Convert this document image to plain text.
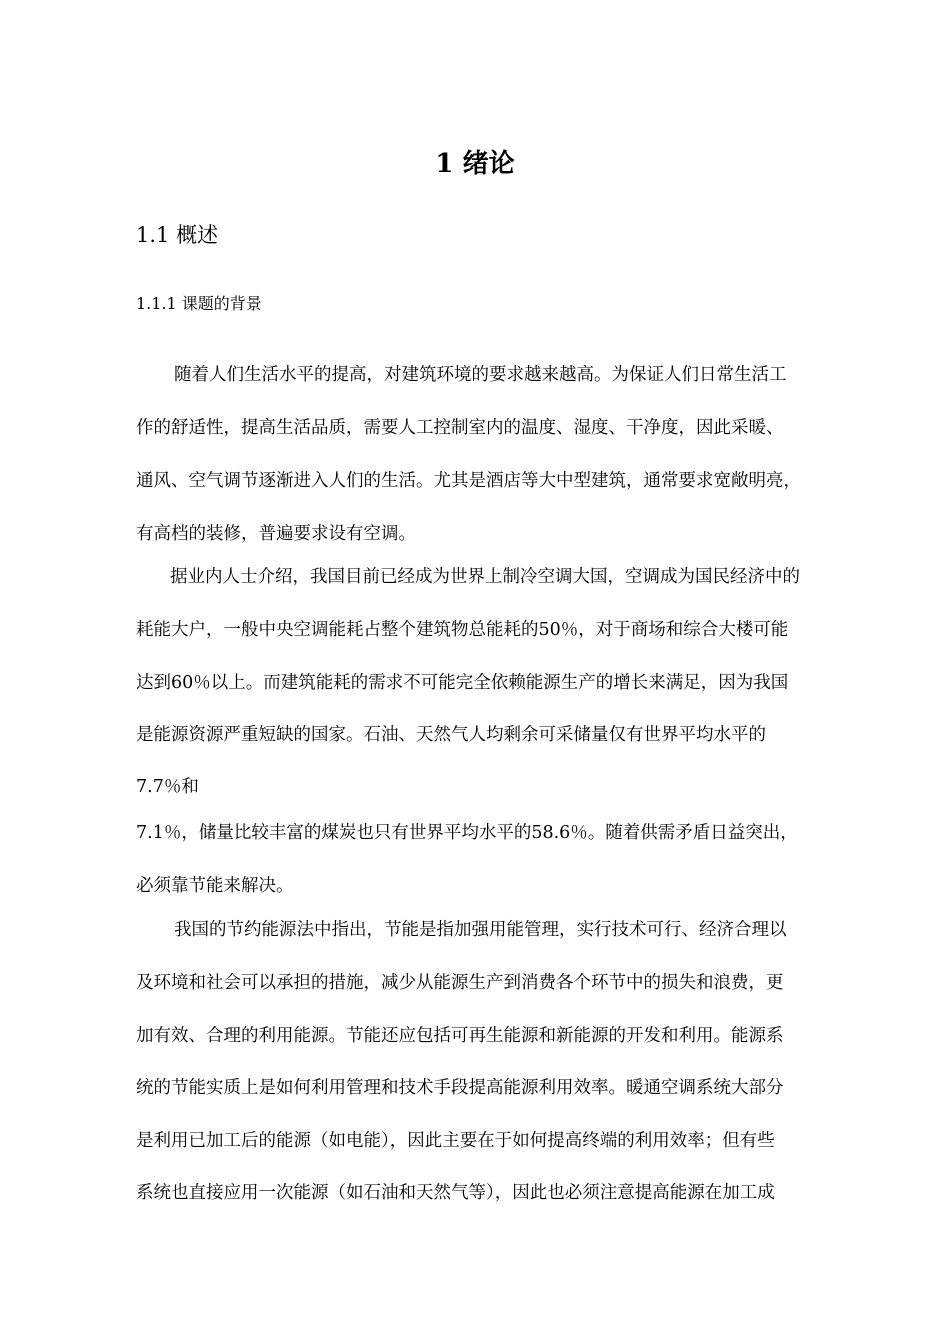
1 绪论
1.1 概述
1.1.1 课题的背景

随着人们生活水平的提高，对建筑环境的要求越来越高。为保证人们日常生活工

作的舒适性，提高生活品质，需要人工控制室内的温度、湿度、干净度，因此采暖、

通风、空气调节逐渐进入人们的生活。尤其是酒店等大中型建筑，通常要求宽敞明亮，

有高档的装修，普遍要求设有空调。

据业内人士介绍，我国目前已经成为世界上制冷空调大国，空调成为国民经济中的

耗能大户，一般中央空调能耗占整个建筑物总能耗的50％，对于商场和综合大楼可能

达到60％以上。而建筑能耗的需求不可能完全依赖能源生产的增长来满足，因为我国

是能源资源严重短缺的国家。石油、天然气人均剩余可采储量仅有世界平均水平的

7.7％和

7.1％，储量比较丰富的煤炭也只有世界平均水平的58.6％。随着供需矛盾日益突出，

必须靠节能来解决。

我国的节约能源法中指出，节能是指加强用能管理，实行技术可行、经济合理以

及环境和社会可以承担的措施，减少从能源生产到消费各个环节中的损失和浪费，更

加有效、合理的利用能源。节能还应包括可再生能源和新能源的开发和利用。能源系

统的节能实质上是如何利用管理和技术手段提高能源利用效率。暖通空调系统大部分

是利用已加工后的能源（如电能），因此主要在于如何提高终端的利用效率；但有些

系统也直接应用一次能源（如石油和天然气等），因此也必须注意提高能源在加工成
